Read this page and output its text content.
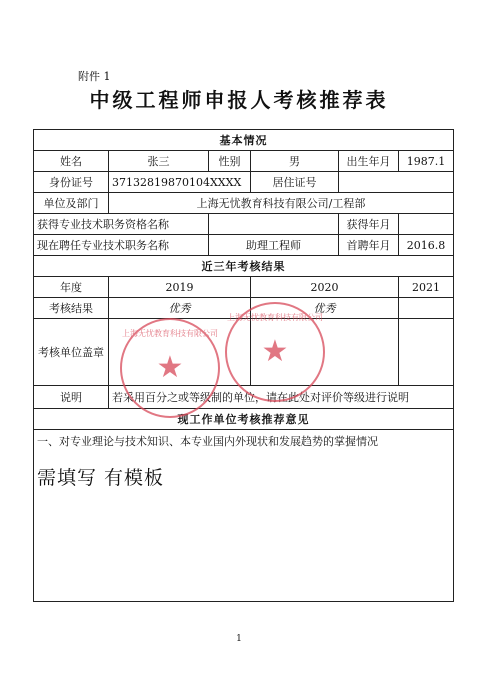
附件 1
中级工程师申报人考核推荐表
基本情况					
姓名	张三	性别	男	出生年月	1987.1
身份证号	37132819870104XXXX		居住证号		
单位及部门	上海无忧教育科技有限公司/工程部				
获得专业技术职务资格名称				获得年月	
现在聘任专业技术职务名称		助理工程师		首聘年月	2016.8
近三年考核结果					
年度	2019		2020		2021
考核结果	优秀		优秀		
考核单位盖章					
说明	若采用百分之或等级制的单位，请在此处对评价等级进行说明				
现工作单位考核推荐意见					

一、对专业理论与技术知识、本专业国内外现状和发展趋势的掌握情况
需填写 有模板					
上海无忧教育科技有限公司
★
上海无忧教育科技有限公司
★
1
